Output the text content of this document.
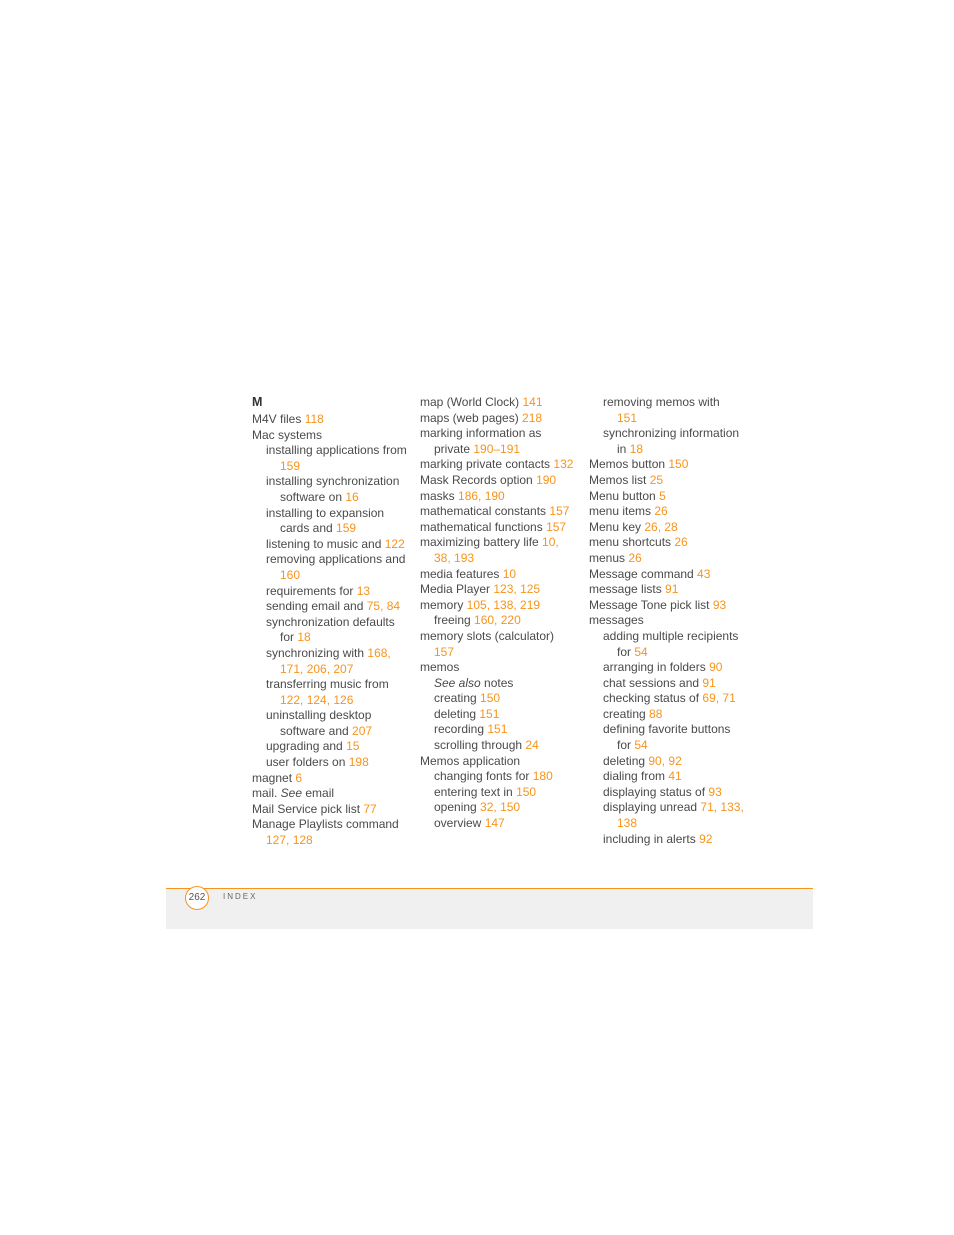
M
M4V files 118
Mac systems
installing applications from
159
installing synchronization
software on 16
installing to expansion
cards and 159
listening to music and 122
removing applications and
160
requirements for 13
sending email and 75, 84
synchronization defaults
for 18
synchronizing with 168,
171, 206, 207
transferring music from
122, 124, 126
uninstalling desktop
software and 207
upgrading and 15
user folders on 198
magnet 6
mail. See email
Mail Service pick list 77
Manage Playlists command
127, 128
map (World Clock) 141
maps (web pages) 218
marking information as
private 190–191
marking private contacts 132
Mask Records option 190
masks 186, 190
mathematical constants 157
mathematical functions 157
maximizing battery life 10,
38, 193
media features 10
Media Player 123, 125
memory 105, 138, 219
freeing 160, 220
memory slots (calculator)
157
memos
See also notes
creating 150
deleting 151
recording 151
scrolling through 24
Memos application
changing fonts for 180
entering text in 150
opening 32, 150
overview 147
removing memos with
151
synchronizing information
in 18
Memos button 150
Memos list 25
Menu button 5
menu items 26
Menu key 26, 28
menu shortcuts 26
menus 26
Message command 43
message lists 91
Message Tone pick list 93
messages
adding multiple recipients
for 54
arranging in folders 90
chat sessions and 91
checking status of 69, 71
creating 88
defining favorite buttons
for 54
deleting 90, 92
dialing from 41
displaying status of 93
displaying unread 71, 133,
138
including in alerts 92
262	INDEX
